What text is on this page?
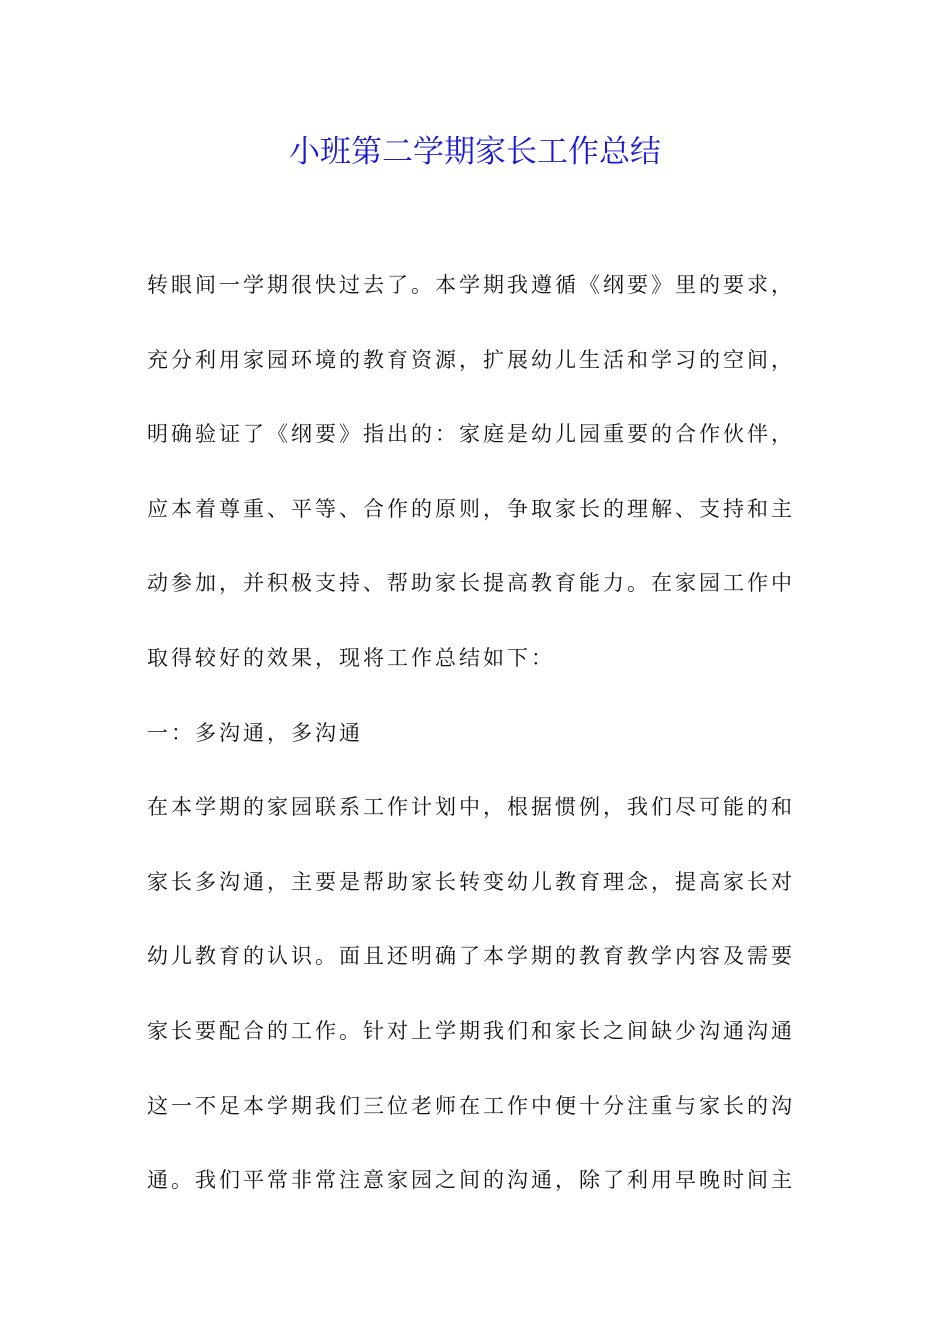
小班第二学期家长工作总结
转眼间一学期很快过去了。本学期我遵循《纲要》里的要求，
充分利用家园环境的教育资源，扩展幼儿生活和学习的空间，
明确验证了《纲要》指出的：家庭是幼儿园重要的合作伙伴，
应本着尊重、平等、合作的原则，争取家长的理解、支持和主
动参加，并积极支持、帮助家长提高教育能力。在家园工作中
取得较好的效果，现将工作总结如下：
一：多沟通，多沟通
在本学期的家园联系工作计划中，根据惯例，我们尽可能的和
家长多沟通，主要是帮助家长转变幼儿教育理念，提高家长对
幼儿教育的认识。面且还明确了本学期的教育教学内容及需要
家长要配合的工作。针对上学期我们和家长之间缺少沟通沟通
这一不足本学期我们三位老师在工作中便十分注重与家长的沟
通。我们平常非常注意家园之间的沟通，除了利用早晚时间主
